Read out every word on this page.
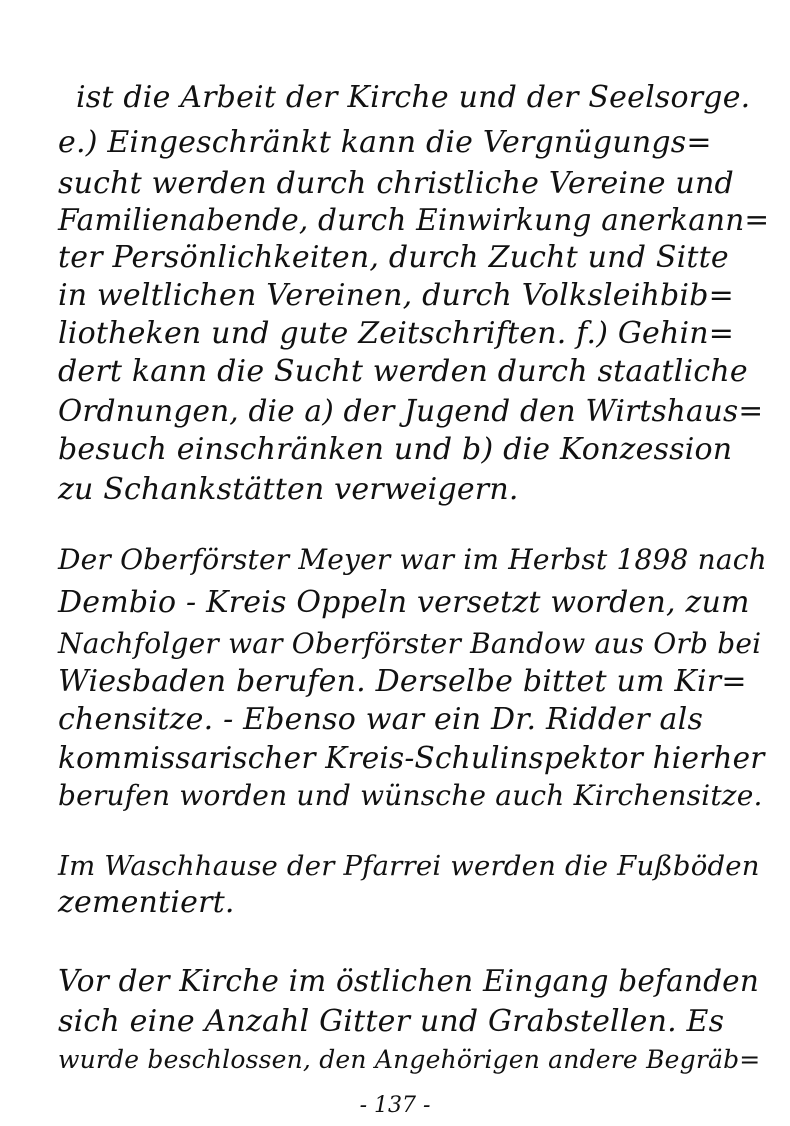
ist die Arbeit der Kirche und der Seelsorge.
e.) Eingeschränkt kann die Vergnügungs=
sucht werden durch christliche Vereine und
Familienabende, durch Einwirkung anerkann=
ter Persönlichkeiten, durch Zucht und Sitte
in weltlichen Vereinen, durch Volksleihbib=
liotheken und gute Zeitschriften. f.) Gehin=
dert kann die Sucht werden durch staatliche
Ordnungen, die a) der Jugend den Wirtshaus=
besuch einschränken und b) die Konzession
zu Schankstätten verweigern.
Der Oberförster Meyer war im Herbst 1898 nach
Dembio - Kreis Oppeln versetzt worden, zum
Nachfolger war Oberförster Bandow aus Orb bei
Wiesbaden berufen. Derselbe bittet um Kir=
chensitze. - Ebenso war ein Dr. Ridder als
kommissarischer Kreis-Schulinspektor hierher
berufen worden und wünsche auch Kirchensitze.
Im Waschhause der Pfarrei werden die Fußböden
zementiert.
Vor der Kirche im östlichen Eingang befanden
sich eine Anzahl Gitter und Grabstellen. Es
wurde beschlossen, den Angehörigen andere Begräb=
- 137 -
